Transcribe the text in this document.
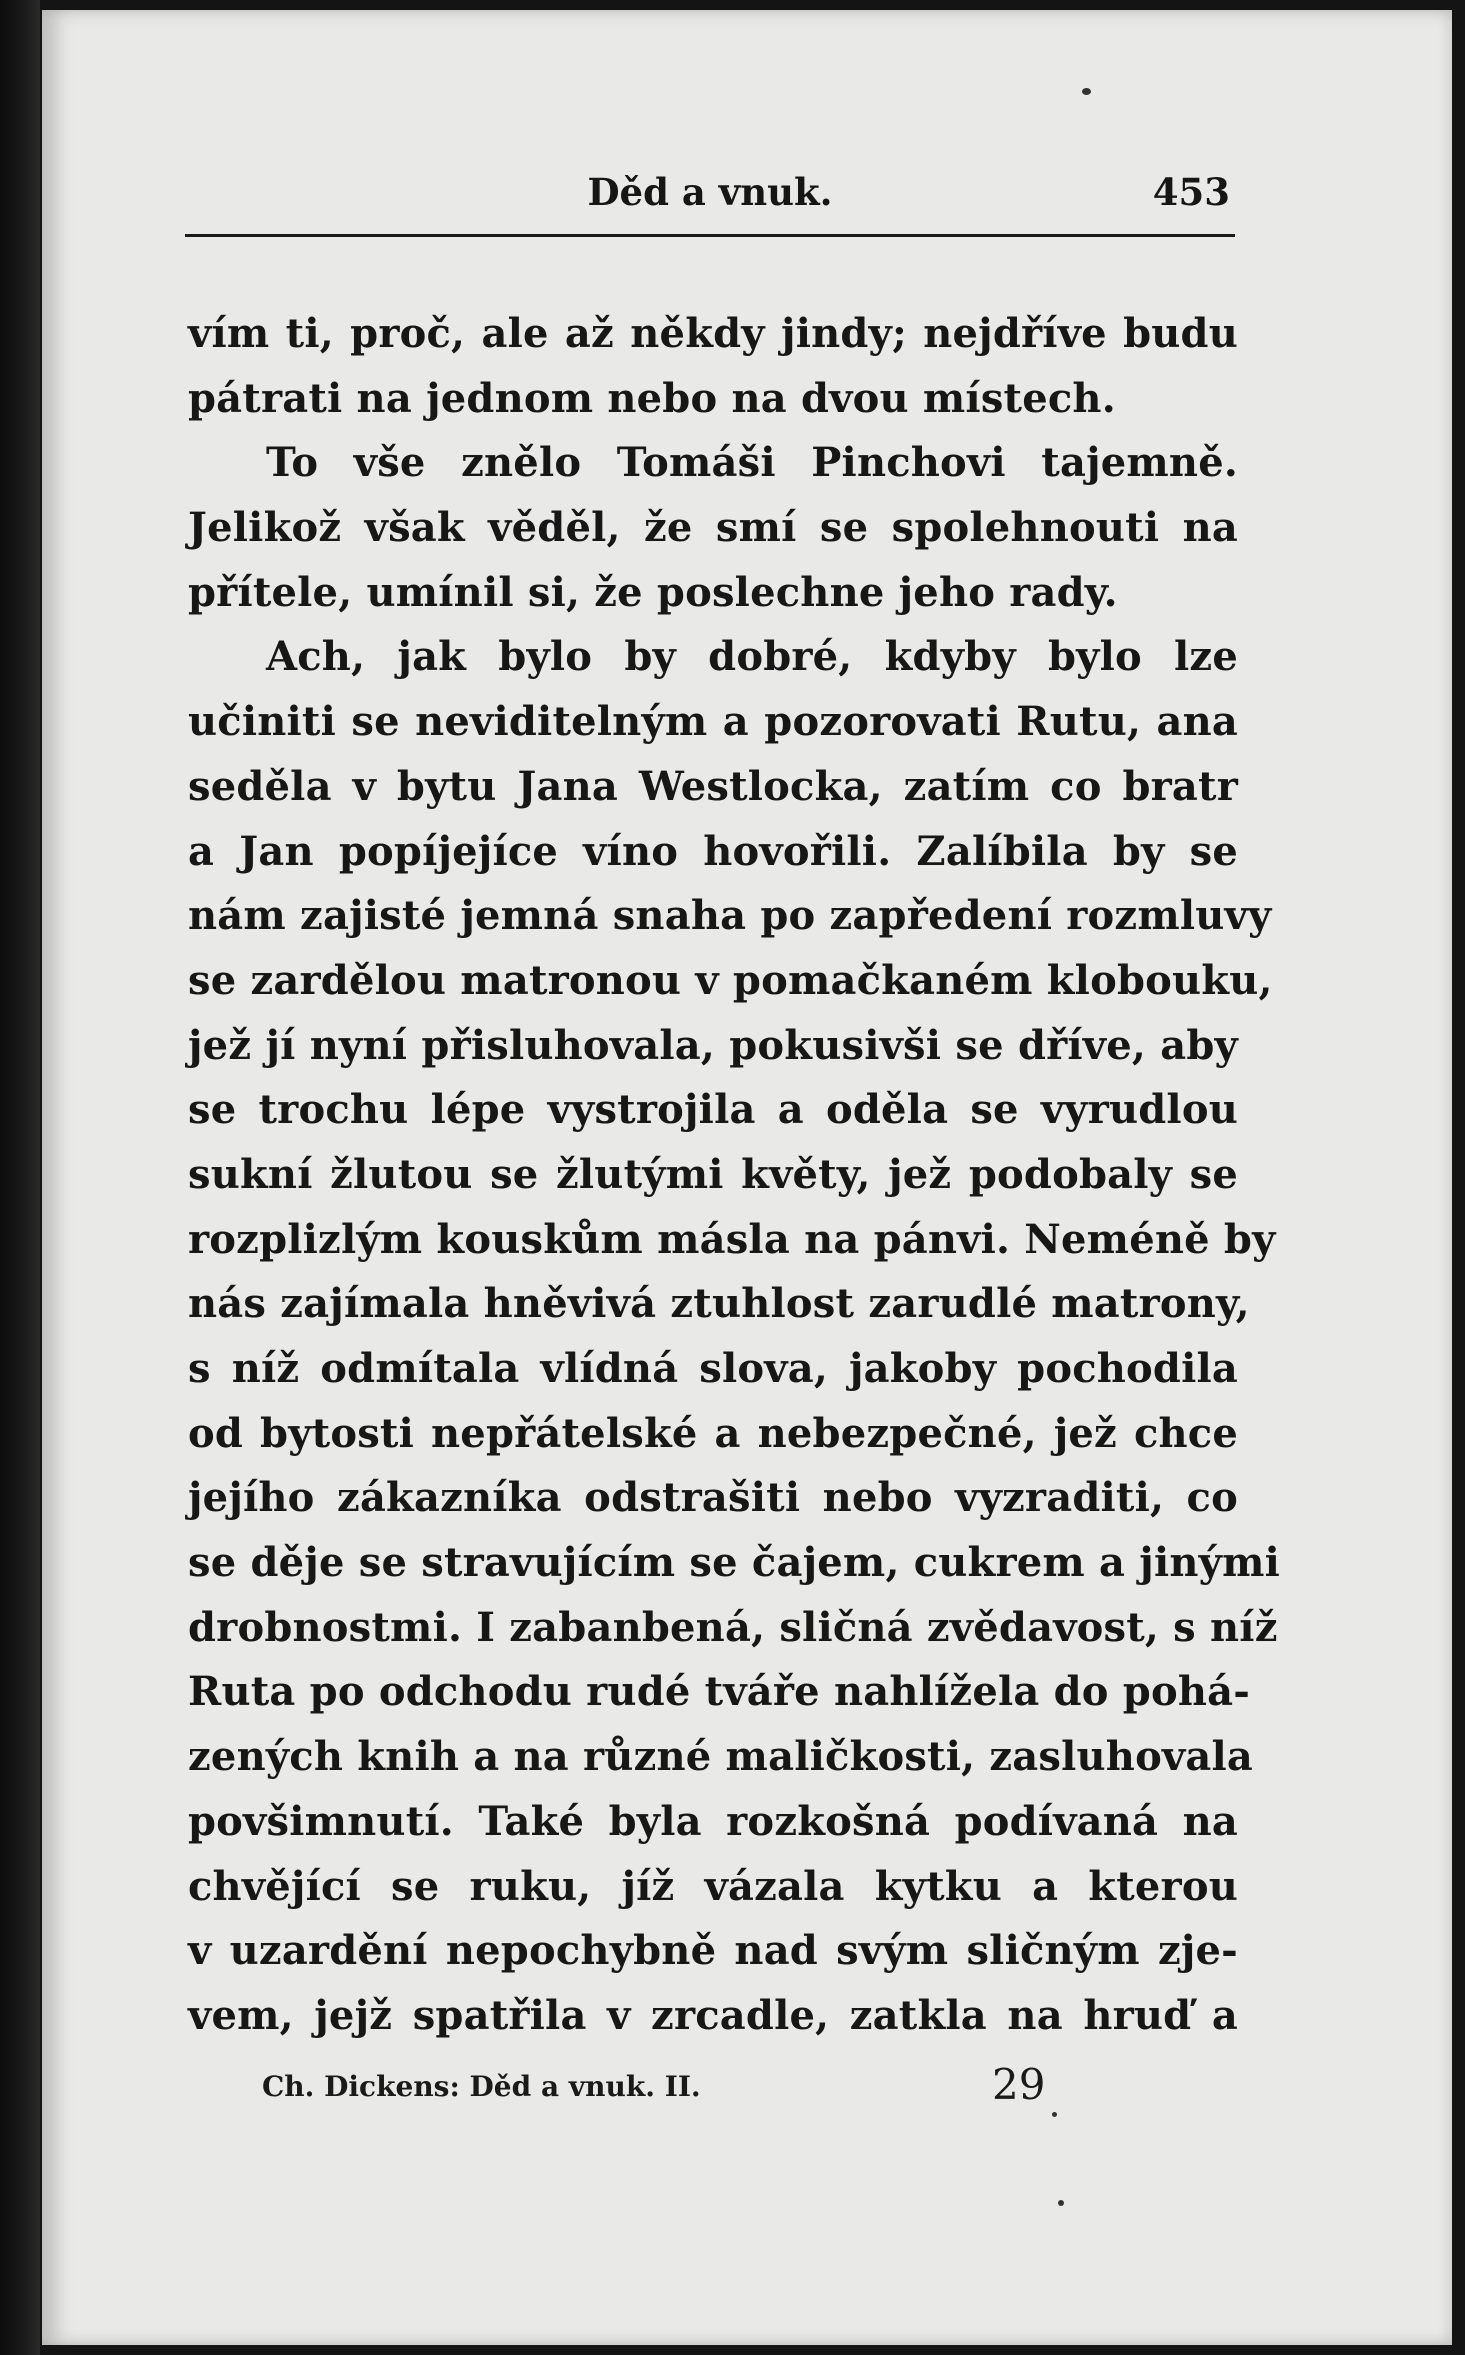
Děd a vnuk.	453
vím ti, proč, ale až někdy jindy; nejdříve budu
pátrati na jednom nebo na dvou místech.
To vše znělo Tomáši Pinchovi tajemně.
Jelikož však věděl, že smí se spolehnouti na
přítele, umínil si, že poslechne jeho rady.
Ach, jak bylo by dobré, kdyby bylo lze
učiniti se neviditelným a pozorovati Rutu, ana
seděla v bytu Jana Westlocka, zatím co bratr
a Jan popíjejíce víno hovořili. Zalíbila by se
nám zajisté jemná snaha po zapředení rozmluvy
se zardělou matronou v pomačkaném klobouku,
jež jí nyní přisluhovala, pokusivši se dříve, aby
se trochu lépe vystrojila a oděla se vyrudlou
sukní žlutou se žlutými květy, jež podobaly se
rozplizlým kouskům másla na pánvi. Neméně by
nás zajímala hněvivá ztuhlost zarudlé matrony,
s níž odmítala vlídná slova, jakoby pochodila
od bytosti nepřátelské a nebezpečné, jež chce
jejího zákazníka odstrašiti nebo vyzraditi, co
se děje se stravujícím se čajem, cukrem a jinými
drobnostmi. I zabanbená, sličná zvědavost, s níž
Ruta po odchodu rudé tváře nahlížela do pohá-
zených knih a na různé maličkosti, zasluhovala
povšimnutí. Také byla rozkošná podívaná na
chvějící se ruku, jíž vázala kytku a kterou
v uzardění nepochybně nad svým sličným zje-
vem, jejž spatřila v zrcadle, zatkla na hruď a
Ch. Dickens: Děd a vnuk. II.	29
